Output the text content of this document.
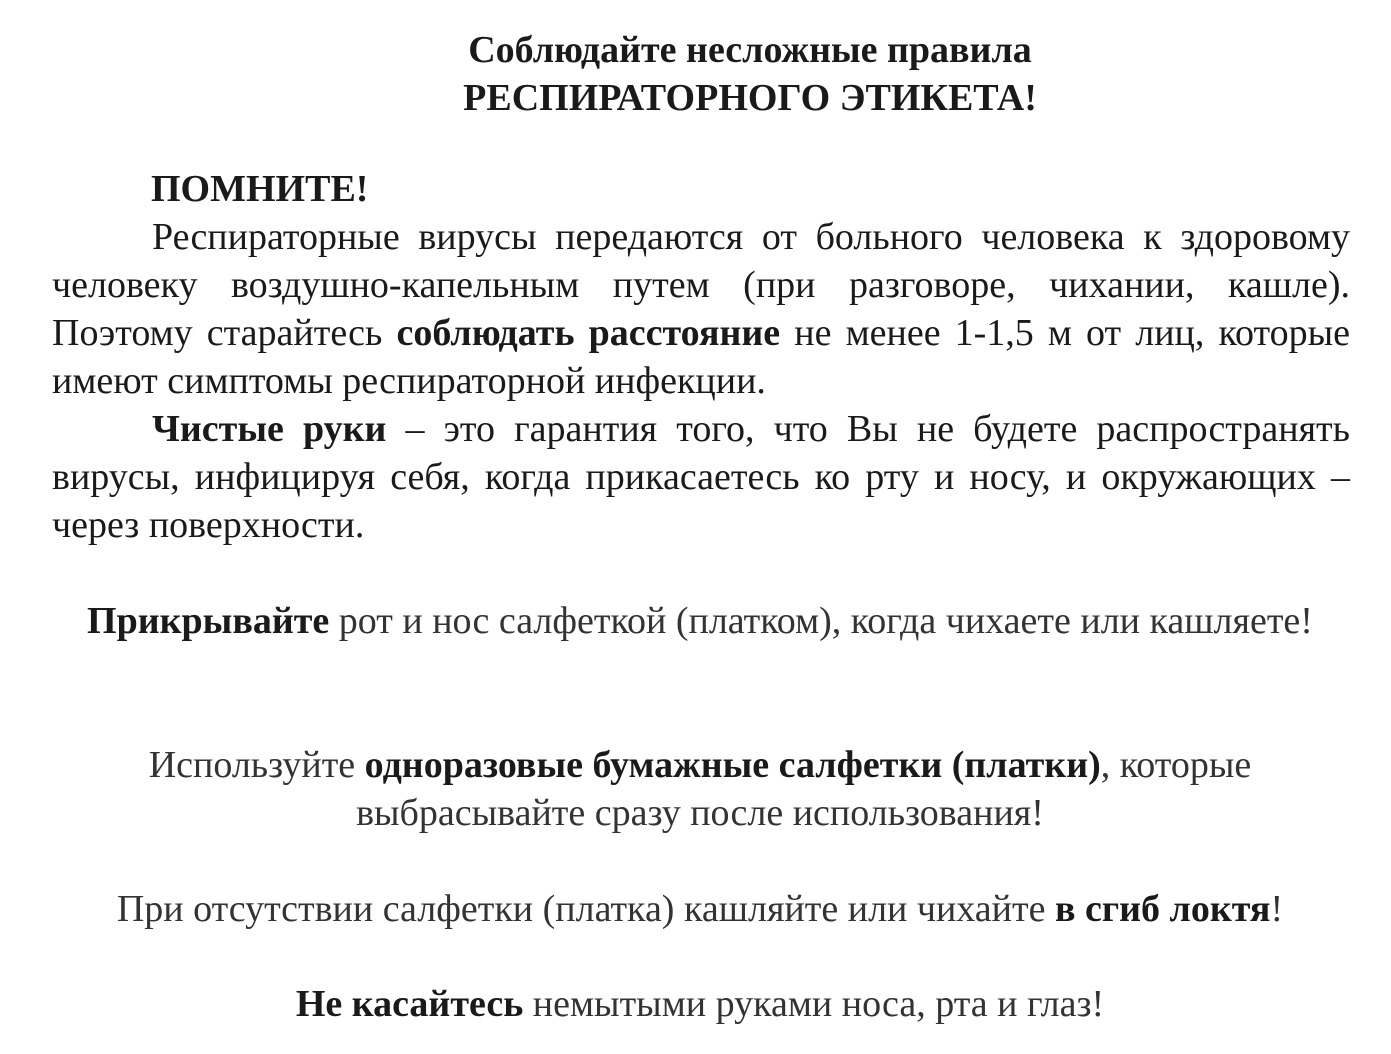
Соблюдайте несложные правила
РЕСПИРАТОРНОГО ЭТИКЕТА!
ПОМНИТЕ!
Респираторные вирусы передаются от больного человека к здоровому человеку воздушно-капельным путем (при разговоре, чихании, кашле). Поэтому старайтесь соблюдать расстояние не менее 1-1,5 м от лиц, которые имеют симптомы респираторной инфекции.
Чистые руки – это гарантия того, что Вы не будете распространять вирусы, инфицируя себя, когда прикасаетесь ко рту и носу, и окружающих – через поверхности.
Прикрывайте рот и нос салфеткой (платком), когда чихаете или кашляете!
Используйте одноразовые бумажные салфетки (платки), которые выбрасывайте сразу после использования!
При отсутствии салфетки (платка) кашляйте или чихайте в сгиб локтя!
Не касайтесь немытыми руками носа, рта и глаз!
